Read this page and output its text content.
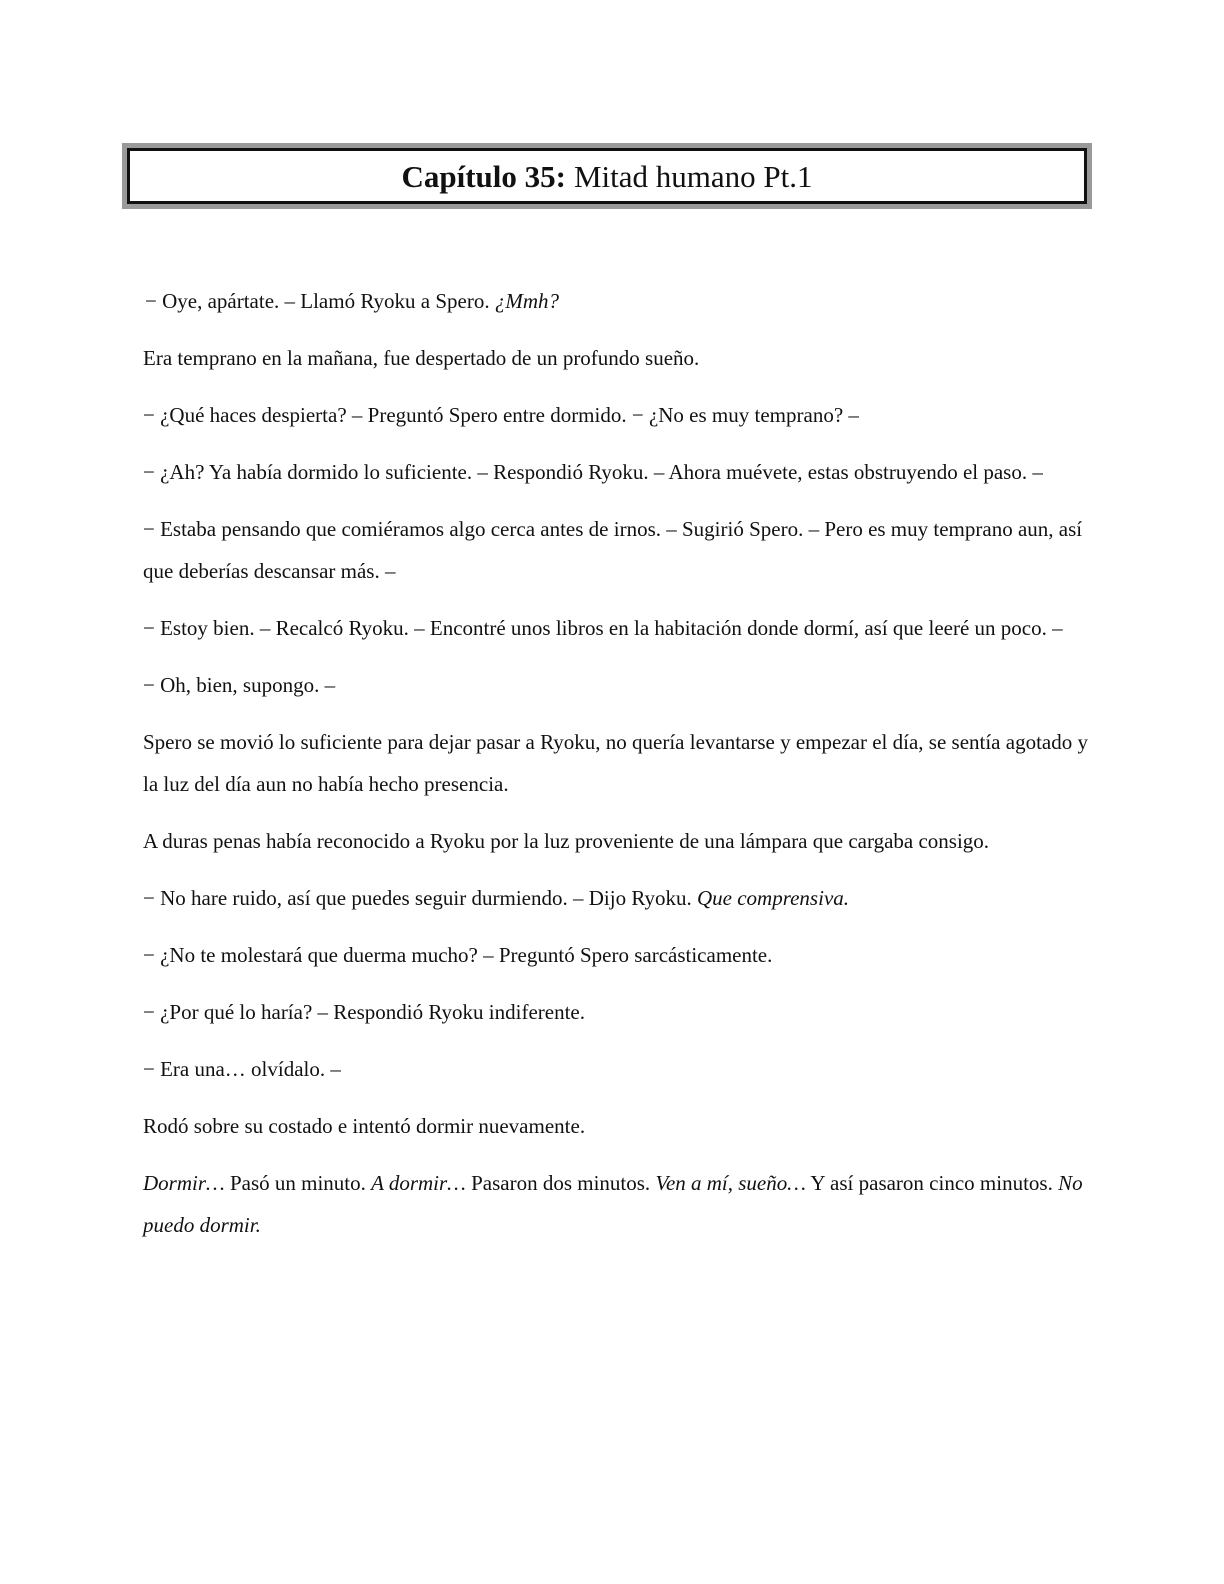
Capítulo 35: Mitad humano Pt.1

− Oye, apártate. – Llamó Ryoku a Spero. ¿Mmh?

Era temprano en la mañana, fue despertado de un profundo sueño.

− ¿Qué haces despierta? – Preguntó Spero entre dormido. − ¿No es muy temprano? –

− ¿Ah? Ya había dormido lo suficiente. – Respondió Ryoku. – Ahora muévete, estas obstruyendo el paso. –

− Estaba pensando que comiéramos algo cerca antes de irnos. – Sugirió Spero. – Pero es muy temprano aun, así que deberías descansar más. –

− Estoy bien. – Recalcó Ryoku. – Encontré unos libros en la habitación donde dormí, así que leeré un poco. –

− Oh, bien, supongo. –

Spero se movió lo suficiente para dejar pasar a Ryoku, no quería levantarse y empezar el día, se sentía agotado y la luz del día aun no había hecho presencia.

A duras penas había reconocido a Ryoku por la luz proveniente de una lámpara que cargaba consigo.

− No hare ruido, así que puedes seguir durmiendo. – Dijo Ryoku. Que comprensiva.

− ¿No te molestará que duerma mucho? – Preguntó Spero sarcásticamente.

− ¿Por qué lo haría? – Respondió Ryoku indiferente.

− Era una… olvídalo. –

Rodó sobre su costado e intentó dormir nuevamente.

Dormir… Pasó un minuto. A dormir… Pasaron dos minutos. Ven a mí, sueño… Y así pasaron cinco minutos. No puedo dormir.
